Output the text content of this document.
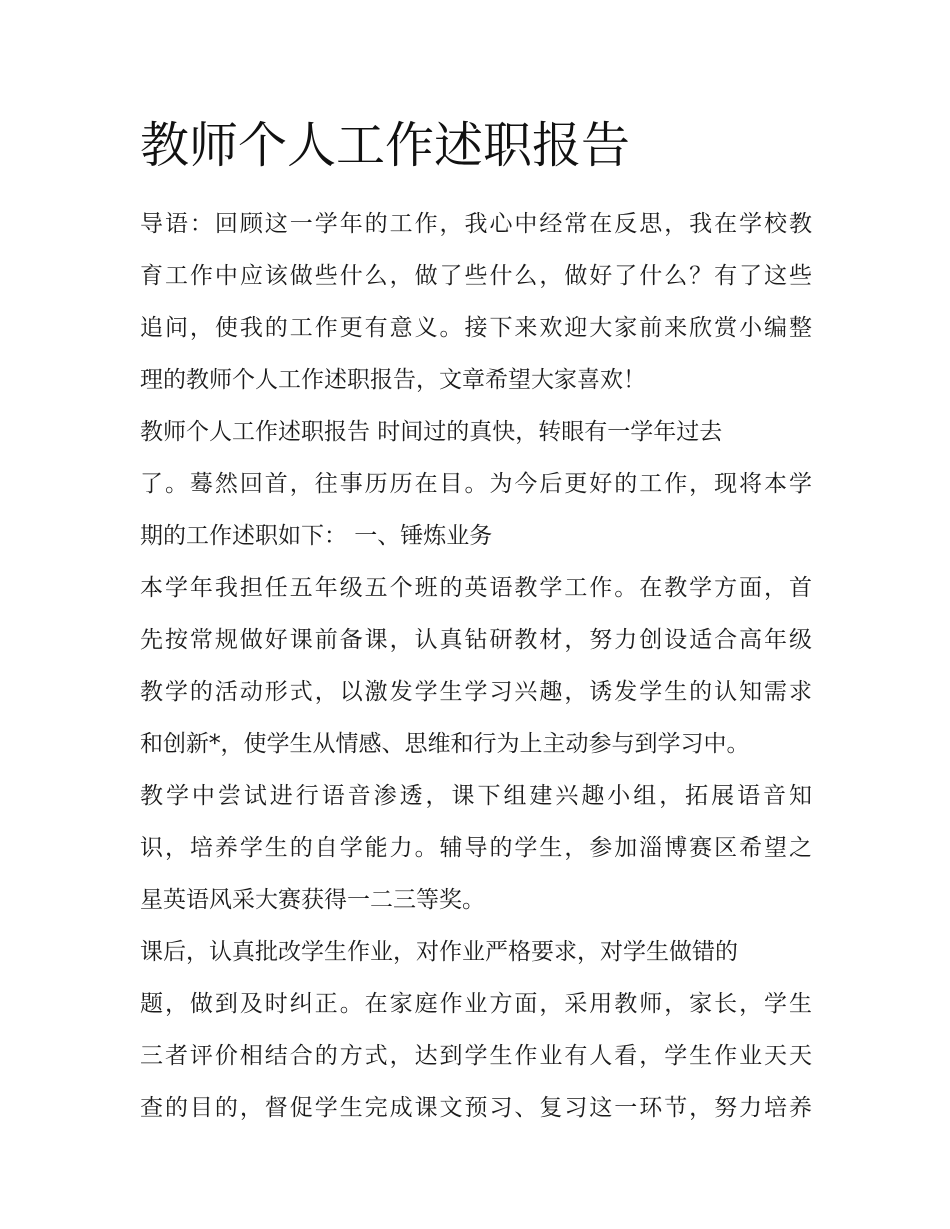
教师个人工作述职报告
导语：回顾这一学年的工作，我心中经常在反思，我在学校教
育工作中应该做些什么，做了些什么，做好了什么？有了这些
追问，使我的工作更有意义。接下来欢迎大家前来欣赏小编整
理的教师个人工作述职报告，文章希望大家喜欢！
教师个人工作述职报告 时间过的真快，转眼有一学年过去
了。蓦然回首，往事历历在目。为今后更好的工作，现将本学
期的工作述职如下： 一、锤炼业务
本学年我担任五年级五个班的英语教学工作。在教学方面，首
先按常规做好课前备课，认真钻研教材，努力创设适合高年级
教学的活动形式，以激发学生学习兴趣，诱发学生的认知需求
和创新*，使学生从情感、思维和行为上主动参与到学习中。
教学中尝试进行语音渗透，课下组建兴趣小组，拓展语音知
识，培养学生的自学能力。辅导的学生，参加淄博赛区希望之
星英语风采大赛获得一二三等奖。
课后，认真批改学生作业，对作业严格要求，对学生做错的
题，做到及时纠正。在家庭作业方面，采用教师，家长，学生
三者评价相结合的方式，达到学生作业有人看，学生作业天天
查的目的，督促学生完成课文预习、复习这一环节，努力培养
